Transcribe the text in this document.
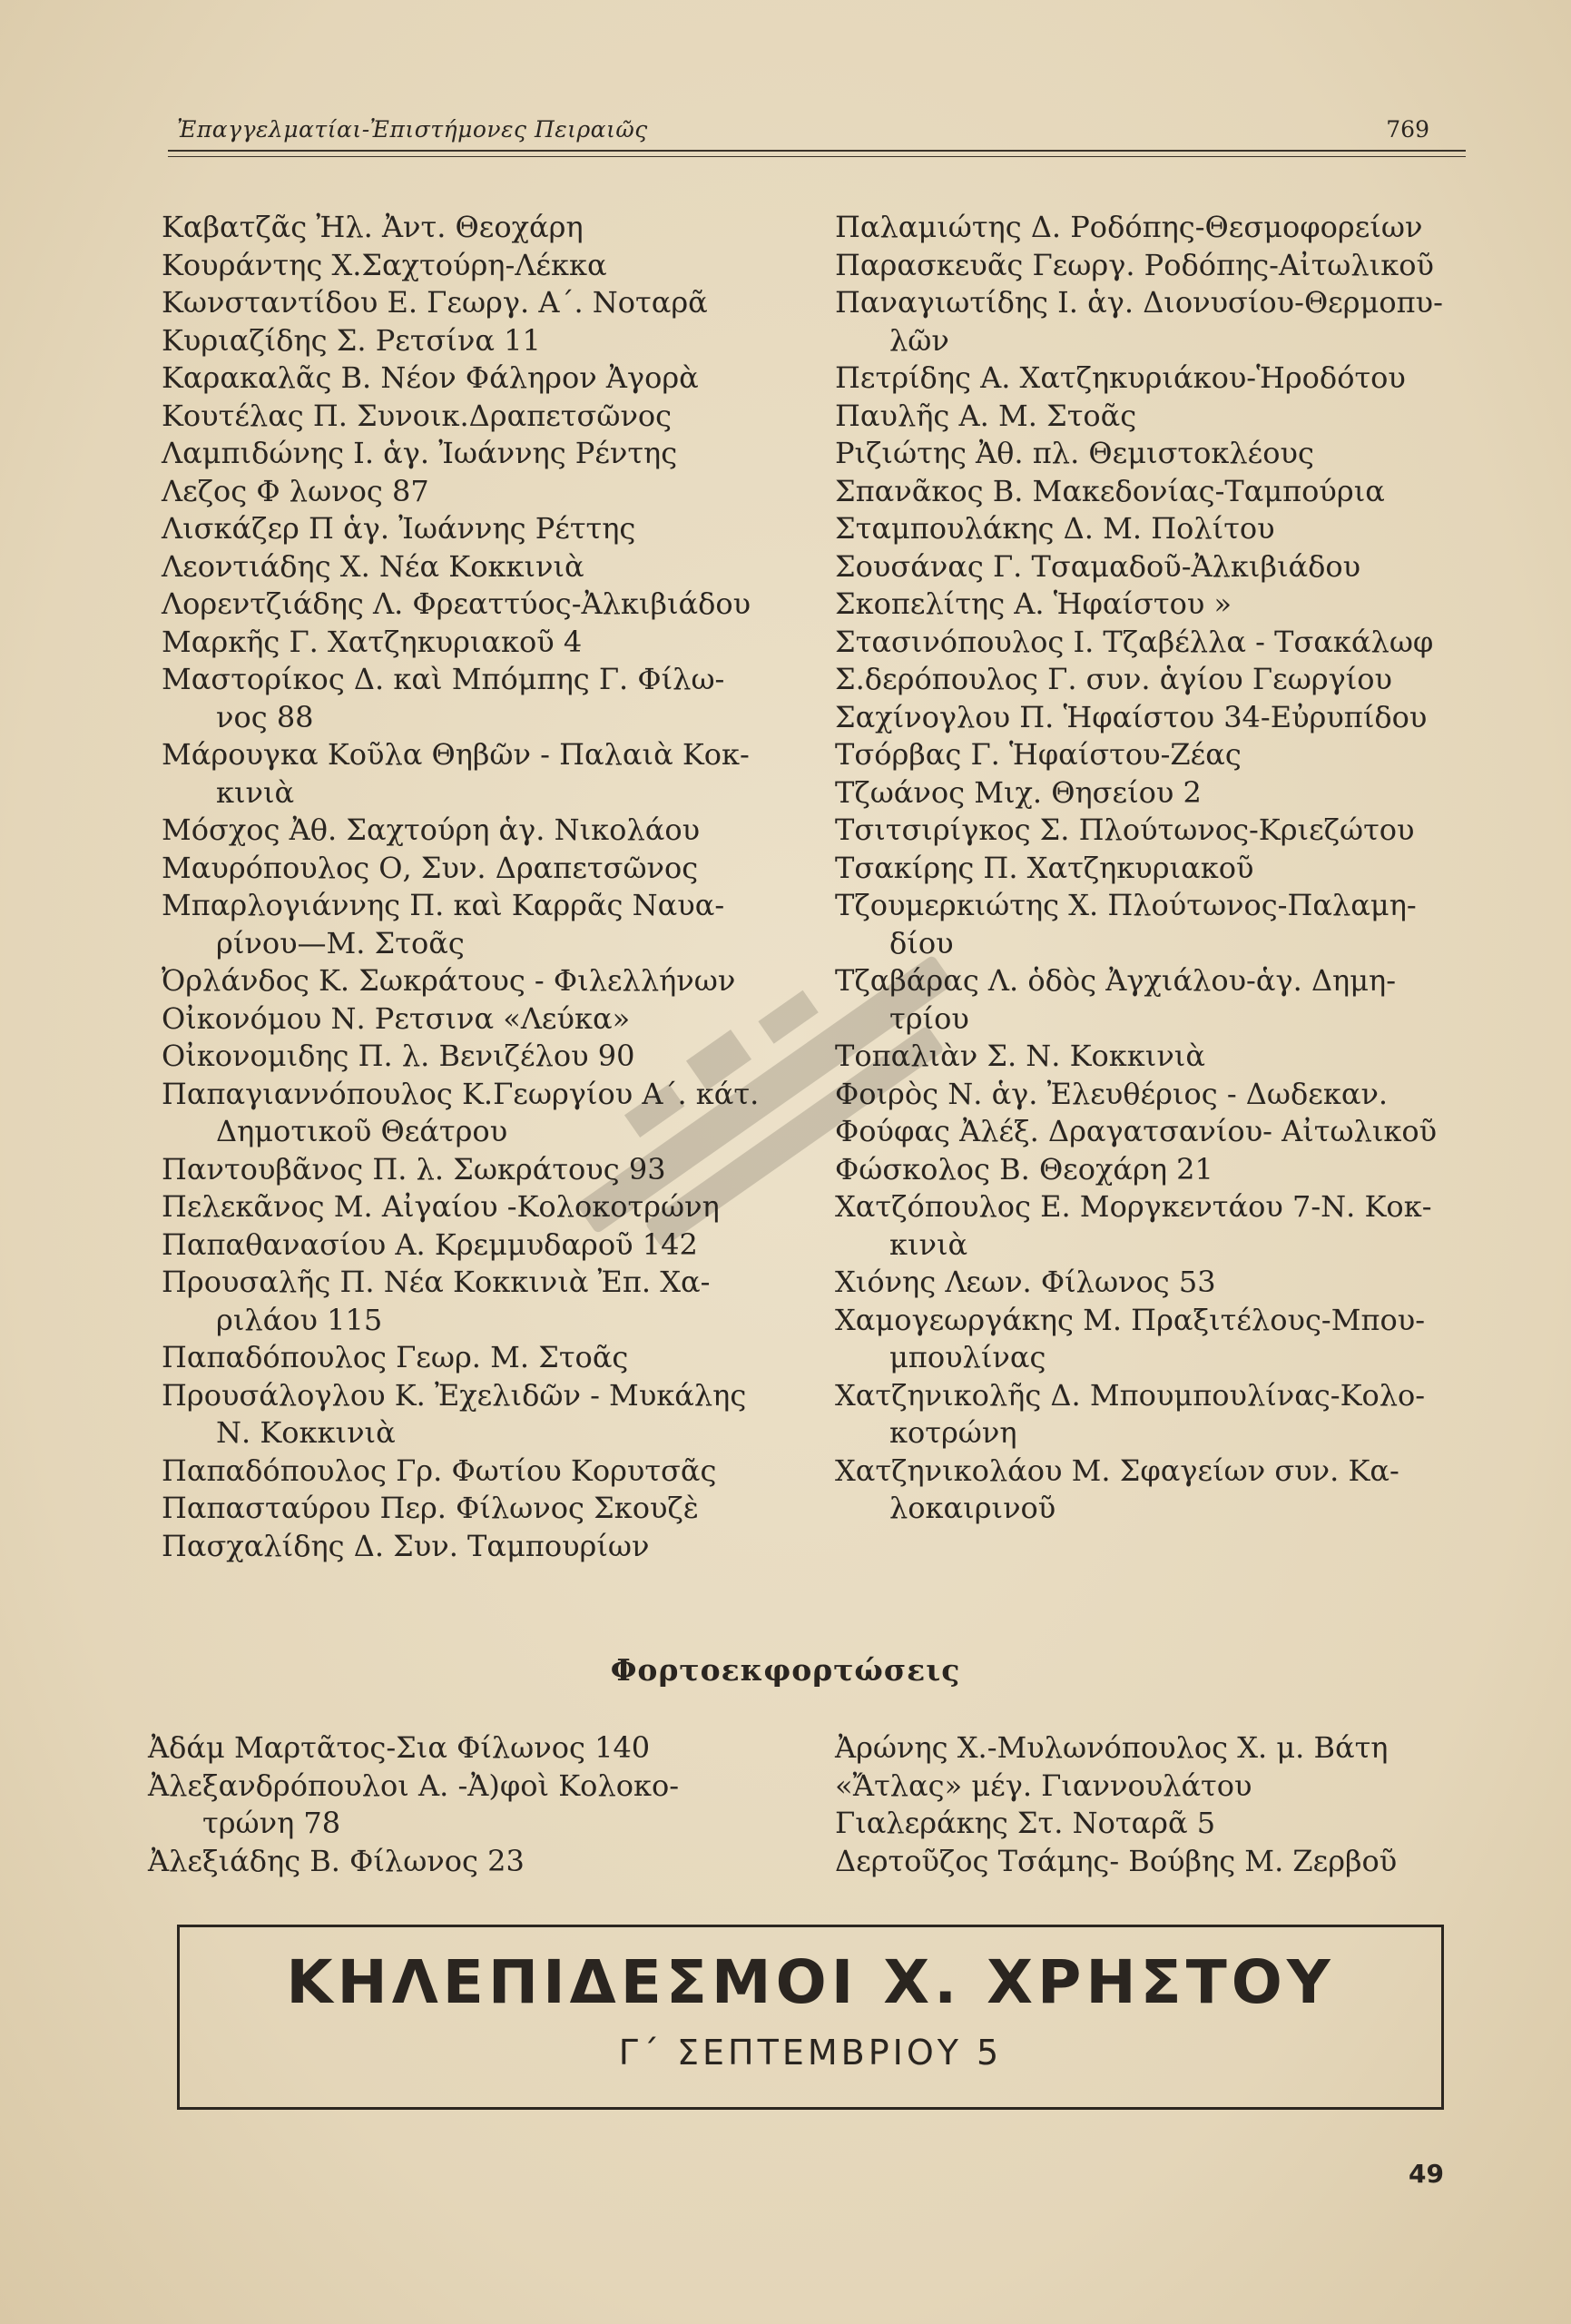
Ἐπαγγελματίαι-Ἐπιστήμονες Πειραιῶς	769
Καβατζᾶς Ἠλ. Ἀντ. Θεοχάρη
Κουράντης Χ.Σαχτούρη-Λέκκα
Κωνσταντίδου Ε. Γεωργ. Α΄. Νοταρᾶ
Κυριαζίδης Σ. Ρετσίνα 11
Καρακαλᾶς Β. Νέον Φάληρον Ἀγορὰ
Κουτέλας Π. Συνοικ.Δραπετσῶνος
Λαμπιδώνης Ι. ἁγ. Ἰωάννης Ρέντης
Λεζος Φ λωνος 87
Λισκάζερ Π ἁγ. Ἰωάννης Ρέττης
Λεοντιάδης Χ. Νέα Κοκκινιὰ
Λορεντζιάδης Λ. Φρεαττύος-Ἀλκιβιάδου
Μαρκῆς Γ. Χατζηκυριακοῦ 4
Μαστορίκος Δ. καὶ Μπόμπης Γ. Φίλω-
νος 88
Μάρουγκα Κοῦλα Θηβῶν - Παλαιὰ Κοκ-
κινιὰ
Μόσχος Ἀθ. Σαχτούρη ἁγ. Νικολάου
Μαυρόπουλος Ο, Συν. Δραπετσῶνος
Μπαρλογιάννης Π. καὶ Καρρᾶς Ναυα-
ρίνου—Μ. Στοᾶς
Ὀρλάνδος Κ. Σωκράτους - Φιλελλήνων
Οἰκονόμου Ν. Ρετσινα «Λεύκα»
Οἰκονομιδης Π. λ. Βενιζέλου 90
Παπαγιαννόπουλος Κ.Γεωργίου Α΄. κάτ.
Δημοτικοῦ Θεάτρου
Παντουβᾶνος Π. λ. Σωκράτους 93
Πελεκᾶνος Μ. Αἰγαίου -Κολοκοτρώνη
Παπαθανασίου Α. Κρεμμυδαροῦ 142
Προυσαλῆς Π. Νέα Κοκκινιὰ Ἐπ. Χα-
ριλάου 115
Παπαδόπουλος Γεωρ. Μ. Στοᾶς
Προυσάλογλου Κ. Ἐχελιδῶν - Μυκάλης
Ν. Κοκκινιὰ
Παπαδόπουλος Γρ. Φωτίου Κορυτσᾶς
Παπασταύρου Περ. Φίλωνος Σκουζὲ
Πασχαλίδης Δ. Συν. Ταμπουρίων
Παλαμιώτης Δ. Ροδόπης-Θεσμοφορείων
Παρασκευᾶς Γεωργ. Ροδόπης-Αἰτωλικοῦ
Παναγιωτίδης Ι. ἁγ. Διονυσίου-Θερμοπυ-
λῶν
Πετρίδης Α. Χατζηκυριάκου-Ἡροδότου
Παυλῆς Α. Μ. Στοᾶς
Ριζιώτης Ἀθ. πλ. Θεμιστοκλέους
Σπανᾶκος Β. Μακεδονίας-Ταμπούρια
Σταμπουλάκης Δ. Μ. Πολίτου
Σουσάνας Γ. Τσαμαδοῦ-Ἀλκιβιάδου
Σκοπελίτης Α. Ἡφαίστου »
Στασινόπουλος Ι. Τζαβέλλα - Τσακάλωφ
Σ.δερόπουλος Γ. συν. ἁγίου Γεωργίου
Σαχίνογλου Π. Ἡφαίστου 34-Εὐρυπίδου
Τσόρβας Γ. Ἡφαίστου-Ζέας
Τζωάνος Μιχ. Θησείου 2
Τσιτσιρίγκος Σ. Πλούτωνος-Κριεζώτου
Τσακίρης Π. Χατζηκυριακοῦ
Τζουμερκιώτης Χ. Πλούτωνος-Παλαμη-
δίου
Τζαβάρας Λ. ὁδὸς Ἀγχιάλου-ἁγ. Δημη-
τρίου
Τοπαλιὰν Σ. Ν. Κοκκινιὰ
Φοιρὸς Ν. ἁγ. Ἐλευθέριος - Δωδεκαν.
Φούφας Ἀλέξ. Δραγατσανίου- Αἰτωλικοῦ
Φώσκολος Β. Θεοχάρη 21
Χατζόπουλος Ε. Μοργκεντάου 7-Ν. Κοκ-
κινιὰ
Χιόνης Λεων. Φίλωνος 53
Χαμογεωργάκης Μ. Πραξιτέλους-Μπου-
μπουλίνας
Χατζηνικολῆς Δ. Μπουμπουλίνας-Κολο-
κοτρώνη
Χατζηνικολάου Μ. Σφαγείων συν. Κα-
λοκαιρινοῦ
Φορτοεκφορτώσεις
Ἀδάμ Μαρτᾶτος-Σια Φίλωνος 140
Ἀλεξανδρόπουλοι Α. -Ἀ)φοὶ Κολοκο-
τρώνη 78
Ἀλεξιάδης Β. Φίλωνος 23
Ἀρώνης Χ.-Μυλωνόπουλος Χ. μ. Βάτη
«Ἄτλας» μέγ. Γιαννουλάτου
Γιαλεράκης Στ. Νοταρᾶ 5
Δερτοῦζος Τσάμης- Βούβης Μ. Ζερβοῦ
ΚΗΛΕΠΙΔΕΣΜΟΙ Χ. ΧΡΗΣΤΟΥ
Γ΄ ΣΕΠΤΕΜΒΡΙΟΥ 5
49
